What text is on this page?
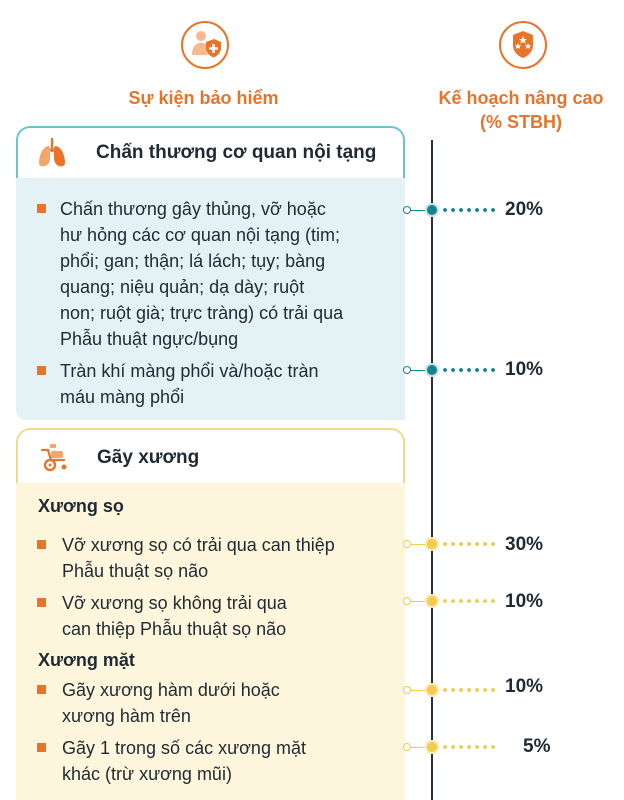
Sự kiện bảo hiểm	Kế hoạch nâng cao
(% STBH)
Chấn thương cơ quan nội tạng
Chấn thương gây thủng, vỡ hoặc
hư hỏng các cơ quan nội tạng (tim;
phổi; gan; thận; lá lách; tụy; bàng
quang; niệu quản; dạ dày; ruột
non; ruột già; trực tràng) có trải qua
Phẫu thuật ngực/bụng
20%
Tràn khí màng phổi và/hoặc tràn
máu màng phổi
10%
Gãy xương
Xương sọ
Vỡ xương sọ có trải qua can thiệp
Phẫu thuật sọ não
30%
Vỡ xương sọ không trải qua
can thiệp Phẫu thuật sọ não
10%
Xương mặt
Gãy xương hàm dưới hoặc
xương hàm trên
10%
Gãy 1 trong số các xương mặt
khác (trừ xương mũi)
5%
